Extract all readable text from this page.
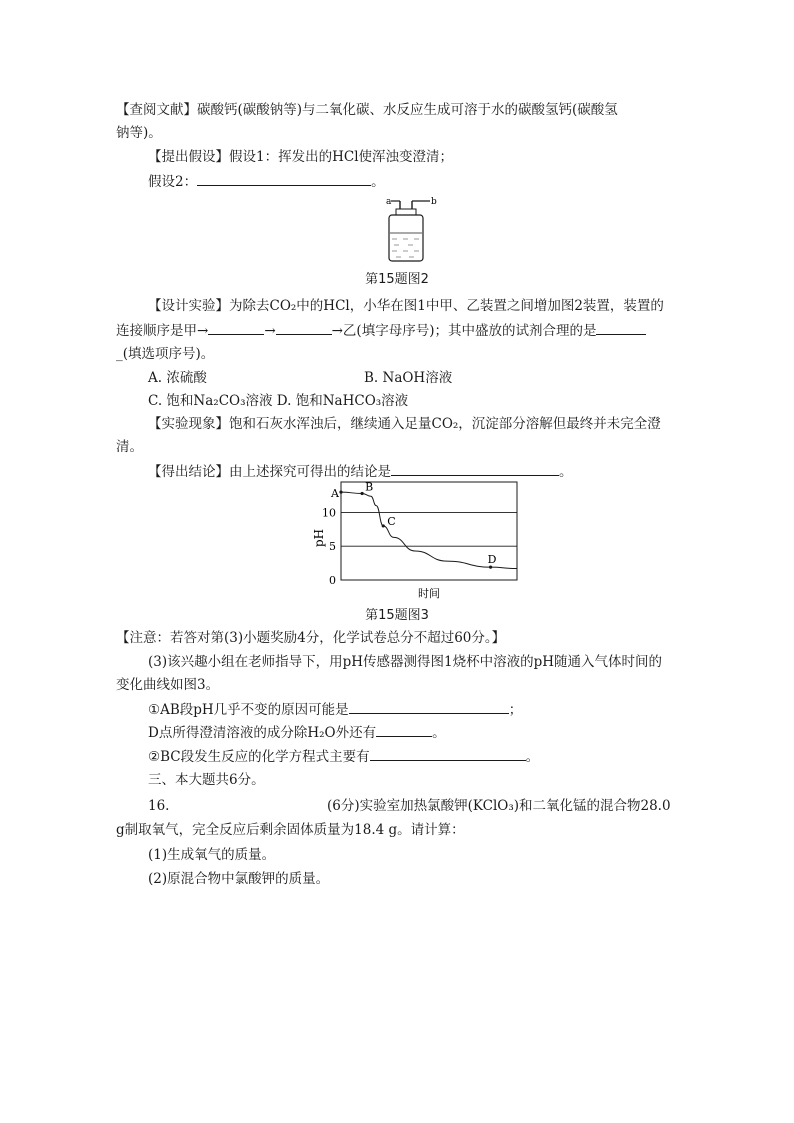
【查阅文献】碳酸钙(碳酸钠等)与二氧化碳、水反应生成可溶于水的碳酸氢钙(碳酸氢
钠等)。
【提出假设】假设1：挥发出的HCl使浑浊变澄清；
假设2：	。
a	b
第15题图2
【设计实验】为除去CO₂中的HCl，小华在图1中甲、乙装置之间增加图2装置，装置的
连接顺序是甲→	→	→乙(填字母序号)；其中盛放的试剂合理的是
_(填选项序号)。
A. 浓硫酸	B. NaOH溶液
C. 饱和Na₂CO₃溶液 D. 饱和NaHCO₃溶液
【实验现象】饱和石灰水浑浊后，继续通入足量CO₂，沉淀部分溶解但最终并未完全澄
清。
【得出结论】由上述探究可得出的结论是	。
0
5
10
pH
时间
A
B
C
D
第15题图3
【注意：若答对第(3)小题奖励4分，化学试卷总分不超过60分。】
(3)该兴趣小组在老师指导下，用pH传感器测得图1烧杯中溶液的pH随通入气体时间的
变化曲线如图3。
①AB段pH几乎不变的原因可能是	；
D点所得澄清溶液的成分除H₂O外还有	。
②BC段发生反应的化学方程式主要有	。
三、本大题共6分。
16.	(6分)实验室加热氯酸钾(KClO₃)和二氧化锰的混合物28.0
g制取氧气，完全反应后剩余固体质量为18.4 g。请计算：
(1)生成氧气的质量。
(2)原混合物中氯酸钾的质量。
